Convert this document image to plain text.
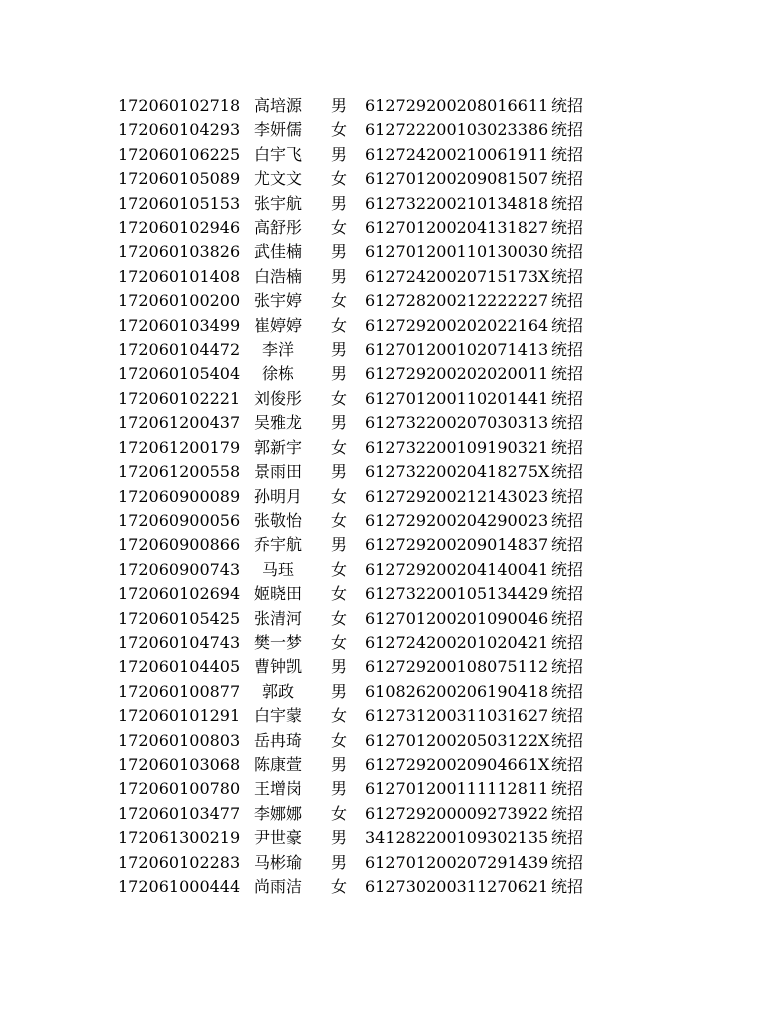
172060102718	高培源	男	612729200208016611	统招
172060104293	李妍儒	女	612722200103023386	统招
172060106225	白宇飞	男	612724200210061911	统招
172060105089	尤文文	女	612701200209081507	统招
172060105153	张宇航	男	612732200210134818	统招
172060102946	高舒彤	女	612701200204131827	统招
172060103826	武佳楠	男	612701200110130030	统招
172060101408	白浩楠	男	61272420020715173X	统招
172060100200	张宇婷	女	612728200212222227	统招
172060103499	崔婷婷	女	612729200202022164	统招
172060104472	李洋	男	612701200102071413	统招
172060105404	徐栋	男	612729200202020011	统招
172060102221	刘俊彤	女	612701200110201441	统招
172061200437	吴雅龙	男	612732200207030313	统招
172061200179	郭新宇	女	612732200109190321	统招
172061200558	景雨田	男	61273220020418275X	统招
172060900089	孙明月	女	612729200212143023	统招
172060900056	张敬怡	女	612729200204290023	统招
172060900866	乔宇航	男	612729200209014837	统招
172060900743	马珏	女	612729200204140041	统招
172060102694	姬晓田	女	612732200105134429	统招
172060105425	张清河	女	612701200201090046	统招
172060104743	樊一梦	女	612724200201020421	统招
172060104405	曹钟凯	男	612729200108075112	统招
172060100877	郭政	男	610826200206190418	统招
172060101291	白宇蒙	女	612731200311031627	统招
172060100803	岳冉琦	女	61270120020503122X	统招
172060103068	陈康萱	男	61272920020904661X	统招
172060100780	王增岗	男	612701200111112811	统招
172060103477	李娜娜	女	612729200009273922	统招
172061300219	尹世豪	男	341282200109302135	统招
172060102283	马彬瑜	男	612701200207291439	统招
172061000444	尚雨洁	女	612730200311270621	统招
